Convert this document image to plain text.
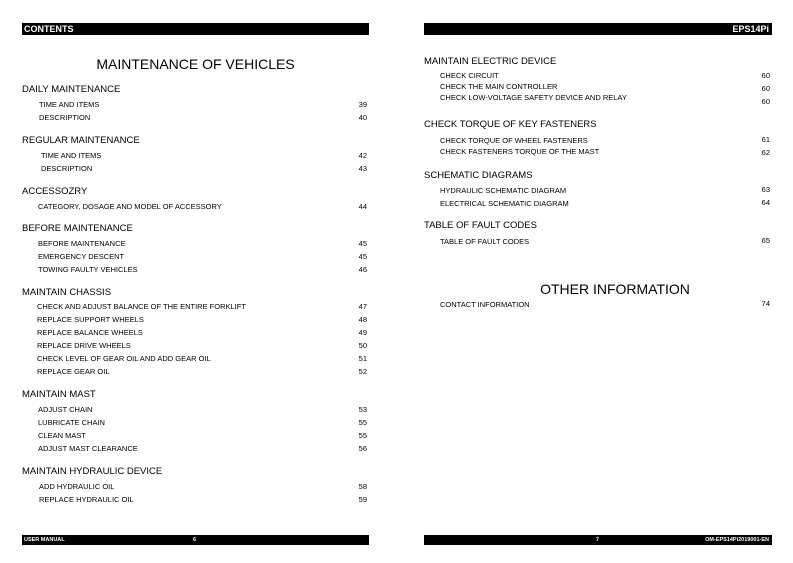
CONTENTS	EPS14Pi
MAINTENANCE OF VEHICLES
DAILY MAINTENANCE
TIME AND ITEMS	39
DESCRIPTION	40
REGULAR MAINTENANCE
TIME AND ITEMS	42
DESCRIPTION	43
ACCESSOZRY
CATEGORY, DOSAGE AND MODEL OF ACCESSORY	44
BEFORE MAINTENANCE
BEFORE MAINTENANCE	45
EMERGENCY DESCENT	45
TOWING FAULTY VEHICLES	46
MAINTAIN CHASSIS
CHECK AND ADJUST BALANCE OF THE ENTIRE FORKLIFT	47
REPLACE SUPPORT WHEELS	48
REPLACE BALANCE WHEELS	49
REPLACE DRIVE WHEELS	50
CHECK LEVEL OF GEAR OIL AND ADD GEAR OIL	51
REPLACE GEAR OIL	52
MAINTAIN MAST
ADJUST CHAIN	53
LUBRICATE CHAIN	55
CLEAN MAST	55
ADJUST MAST CLEARANCE	56
MAINTAIN HYDRAULIC DEVICE
ADD HYDRAULIC OIL	58
REPLACE HYDRAULIC OIL	59
MAINTAIN ELECTRIC DEVICE
CHECK CIRCUIT	60
CHECK THE MAIN CONTROLLER	60
CHECK LOW-VOLTAGE SAFETY DEVICE AND RELAY	60
CHECK TORQUE OF KEY FASTENERS
CHECK TORQUE OF WHEEL FASTENERS	61
CHECK FASTENERS TORQUE OF THE MAST	62
SCHEMATIC DIAGRAMS
HYDRAULIC SCHEMATIC DIAGRAM	63
ELECTRICAL SCHEMATIC DIAGRAM	64
TABLE OF FAULT CODES
TABLE OF FAULT CODES	65
OTHER INFORMATION
CONTACT INFORMATION	74
USER MANUAL	6	7	OM-EPS14Pi2019001-EN
